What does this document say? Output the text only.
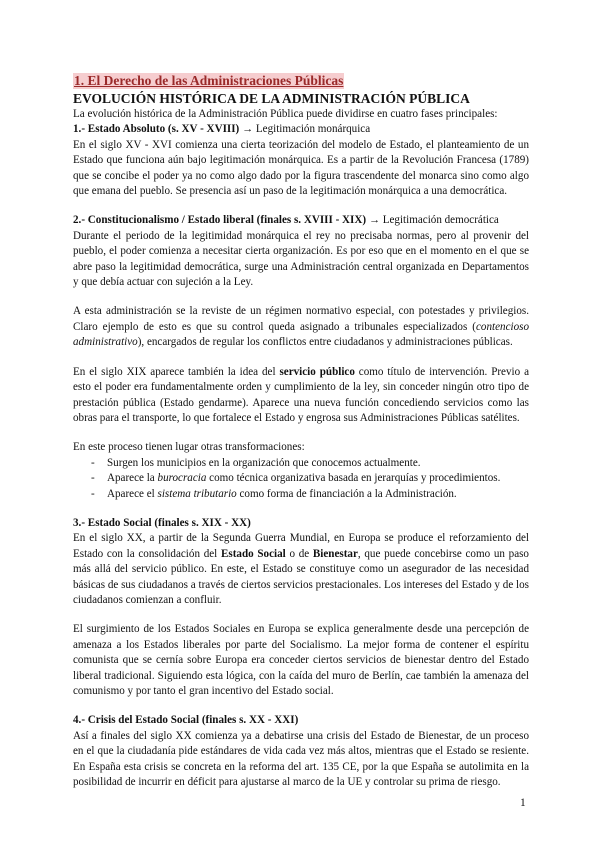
1. El Derecho de las Administraciones Públicas
EVOLUCIÓN HISTÓRICA DE LA ADMINISTRACIÓN PÚBLICA

La evolución histórica de la Administración Pública puede dividirse en cuatro fases principales:

1.- Estado Absoluto (s. XV - XVIII) → Legitimación monárquica

En el siglo XV - XVI comienza una cierta teorización del modelo de Estado, el planteamiento de un Estado que funciona aún bajo legitimación monárquica. Es a partir de la Revolución Francesa (1789) que se concibe el poder ya no como algo dado por la figura trascendente del monarca sino como algo que emana del pueblo. Se presencia así un paso de la legitimación monárquica a una democrática.

2.- Constitucionalismo / Estado liberal (finales s. XVIII - XIX) → Legitimación democrática

Durante el periodo de la legitimidad monárquica el rey no precisaba normas, pero al provenir del pueblo, el poder comienza a necesitar cierta organización. Es por eso que en el momento en el que se abre paso la legitimidad democrática, surge una Administración central organizada en Departamentos y que debía actuar con sujeción a la Ley.

A esta administración se la reviste de un régimen normativo especial, con potestades y privilegios. Claro ejemplo de esto es que su control queda asignado a tribunales especializados (contencioso administrativo), encargados de regular los conflictos entre ciudadanos y administraciones públicas.

En el siglo XIX aparece también la idea del servicio público como título de intervención. Previo a esto el poder era fundamentalmente orden y cumplimiento de la ley, sin conceder ningún otro tipo de prestación pública (Estado gendarme). Aparece una nueva función concediendo servicios como las obras para el transporte, lo que fortalece el Estado y engrosa sus Administraciones Públicas satélites.

En este proceso tienen lugar otras transformaciones:

- Surgen los municipios en la organización que conocemos actualmente.
- Aparece la burocracia como técnica organizativa basada en jerarquías y procedimientos.
- Aparece el sistema tributario como forma de financiación a la Administración.
3.- Estado Social (finales s. XIX - XX)

En el siglo XX, a partir de la Segunda Guerra Mundial, en Europa se produce el reforzamiento del Estado con la consolidación del Estado Social o de Bienestar, que puede concebirse como un paso más allá del servicio público. En este, el Estado se constituye como un asegurador de las necesidad básicas de sus ciudadanos a través de ciertos servicios prestacionales. Los intereses del Estado y de los ciudadanos comienzan a confluir.

El surgimiento de los Estados Sociales en Europa se explica generalmente desde una percepción de amenaza a los Estados liberales por parte del Socialismo. La mejor forma de contener el espíritu comunista que se cernía sobre Europa era conceder ciertos servicios de bienestar dentro del Estado liberal tradicional. Siguiendo esta lógica, con la caída del muro de Berlín, cae también la amenaza del comunismo y por tanto el gran incentivo del Estado social.

4.- Crisis del Estado Social (finales s. XX - XXI)

Así a finales del siglo XX comienza ya a debatirse una crisis del Estado de Bienestar, de un proceso en el que la ciudadanía pide estándares de vida cada vez más altos, mientras que el Estado se resiente. En España esta crisis se concreta en la reforma del art. 135 CE, por la que España se autolimita en la posibilidad de incurrir en déficit para ajustarse al marco de la UE y controlar su prima de riesgo.

1
